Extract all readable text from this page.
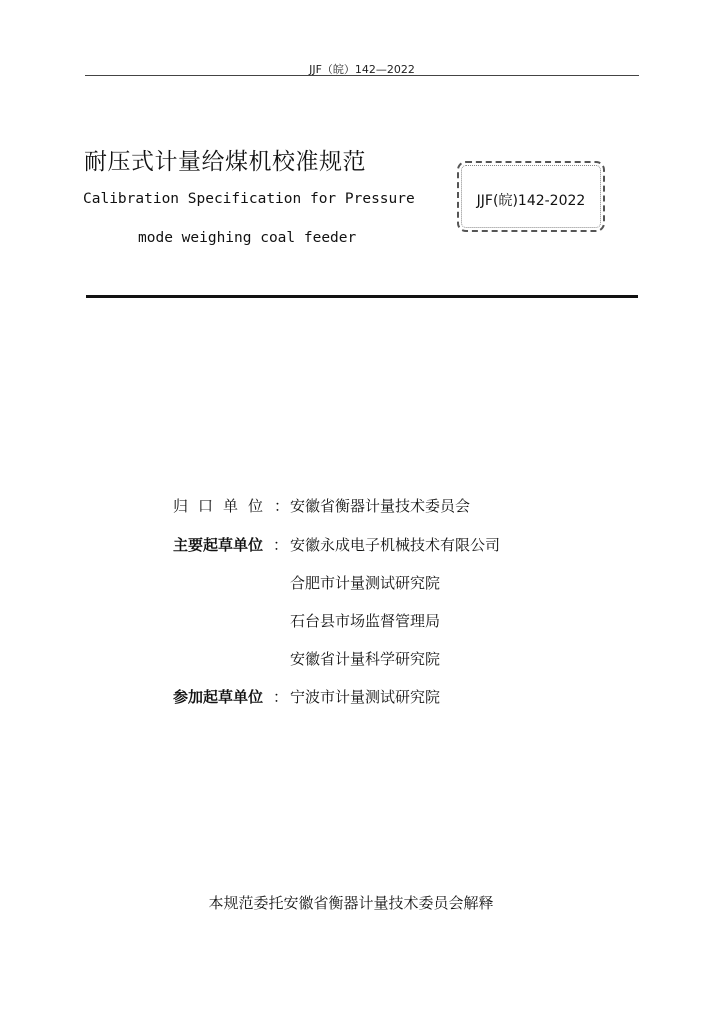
JJF（皖）142—2022
耐压式计量给煤机校准规范
Calibration Specification for Pressure
mode weighing coal feeder
JJF(皖)142-2022
归口单位 ： 安徽省衡器计量技术委员会
主要起草单位 ： 安徽永成电子机械技术有限公司
合肥市计量测试研究院
石台县市场监督管理局
安徽省计量科学研究院
参加起草单位 ： 宁波市计量测试研究院
本规范委托安徽省衡器计量技术委员会解释
